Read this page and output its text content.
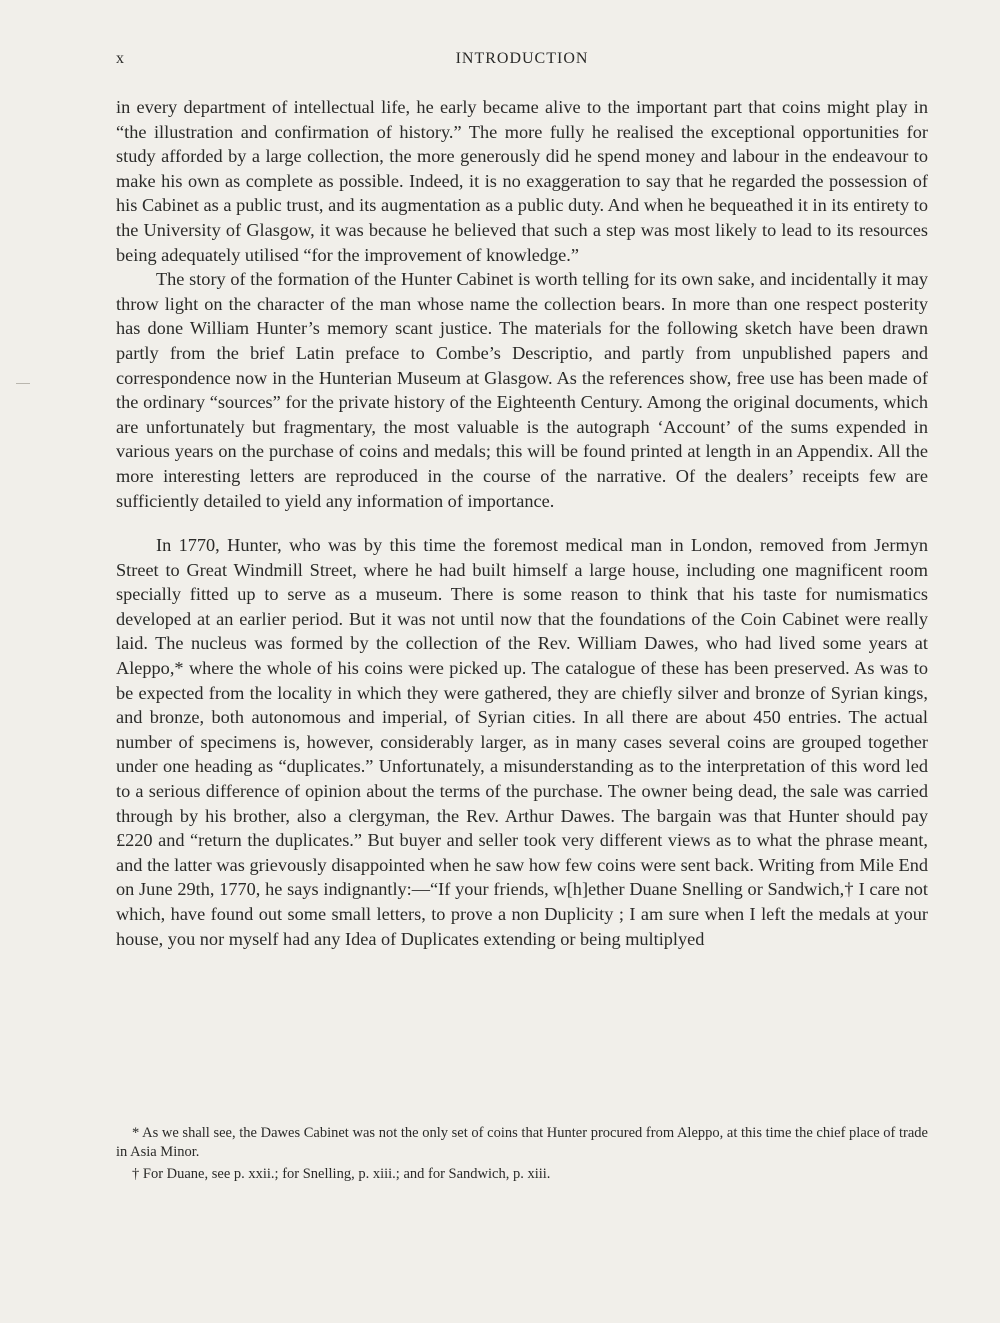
x	INTRODUCTION

in every department of intellectual life, he early became alive to the important part that coins might play in “the illustration and confirmation of history.” The more fully he realised the exceptional opportunities for study afforded by a large collection, the more generously did he spend money and labour in the endeavour to make his own as complete as possible. Indeed, it is no exaggeration to say that he regarded the possession of his Cabinet as a public trust, and its augmentation as a public duty. And when he bequeathed it in its entirety to the University of Glasgow, it was because he believed that such a step was most likely to lead to its resources being adequately utilised “for the improvement of knowledge.”

The story of the formation of the Hunter Cabinet is worth telling for its own sake, and incidentally it may throw light on the character of the man whose name the collection bears. In more than one respect posterity has done William Hunter’s memory scant justice. The materials for the following sketch have been drawn partly from the brief Latin preface to Combe’s Descriptio, and partly from unpublished papers and correspondence now in the Hunterian Museum at Glasgow. As the references show, free use has been made of the ordinary “sources” for the private history of the Eighteenth Century. Among the original documents, which are unfortunately but fragmentary, the most valuable is the autograph ‘Account’ of the sums expended in various years on the purchase of coins and medals; this will be found printed at length in an Appendix. All the more interesting letters are reproduced in the course of the narrative. Of the dealers’ receipts few are sufficiently detailed to yield any information of importance.

In 1770, Hunter, who was by this time the foremost medical man in London, removed from Jermyn Street to Great Windmill Street, where he had built himself a large house, including one magnificent room specially fitted up to serve as a museum. There is some reason to think that his taste for numismatics developed at an earlier period. But it was not until now that the foundations of the Coin Cabinet were really laid. The nucleus was formed by the collection of the Rev. William Dawes, who had lived some years at Aleppo,* where the whole of his coins were picked up. The catalogue of these has been preserved. As was to be expected from the locality in which they were gathered, they are chiefly silver and bronze of Syrian kings, and bronze, both autonomous and imperial, of Syrian cities. In all there are about 450 entries. The actual number of specimens is, however, considerably larger, as in many cases several coins are grouped together under one heading as “duplicates.” Unfortunately, a misunderstanding as to the interpretation of this word led to a serious difference of opinion about the terms of the purchase. The owner being dead, the sale was carried through by his brother, also a clergyman, the Rev. Arthur Dawes. The bargain was that Hunter should pay £220 and “return the duplicates.” But buyer and seller took very different views as to what the phrase meant, and the latter was grievously disappointed when he saw how few coins were sent back. Writing from Mile End on June 29th, 1770, he says indignantly:—“If your friends, w[h]ether Duane Snelling or Sandwich,† I care not which, have found out some small letters, to prove a non Duplicity ; I am sure when I left the medals at your house, you nor myself had any Idea of Duplicates extending or being multiplyed

* As we shall see, the Dawes Cabinet was not the only set of coins that Hunter procured from Aleppo, at this time the chief place of trade in Asia Minor.

† For Duane, see p. xxii.; for Snelling, p. xiii.; and for Sandwich, p. xiii.
